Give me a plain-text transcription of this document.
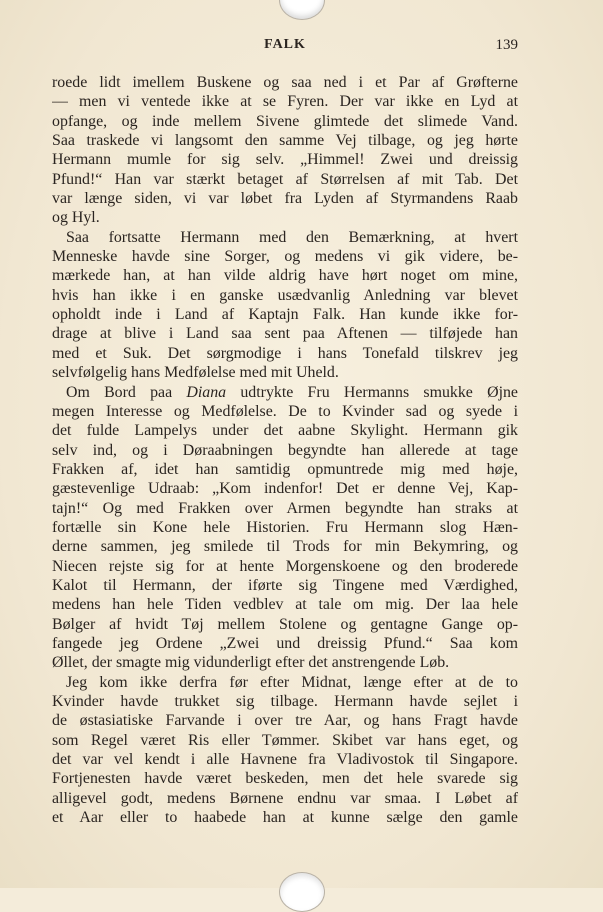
FALK	139
roede lidt imellem Buskene og saa ned i et Par af Grøfterne
— men vi ventede ikke at se Fyren. Der var ikke en Lyd at
opfange, og inde mellem Sivene glimtede det slimede Vand.
Saa traskede vi langsomt den samme Vej tilbage, og jeg hørte
Hermann mumle for sig selv. „Himmel! Zwei und dreissig
Pfund!“ Han var stærkt betaget af Størrelsen af mit Tab. Det
var længe siden, vi var løbet fra Lyden af Styrmandens Raab
og Hyl.
Saa fortsatte Hermann med den Bemærkning, at hvert
Menneske havde sine Sorger, og medens vi gik videre, be-
mærkede han, at han vilde aldrig have hørt noget om mine,
hvis han ikke i en ganske usædvanlig Anledning var blevet
opholdt inde i Land af Kaptajn Falk. Han kunde ikke for-
drage at blive i Land saa sent paa Aftenen — tilføjede han
med et Suk. Det sørgmodige i hans Tonefald tilskrev jeg
selvfølgelig hans Medfølelse med mit Uheld.
Om Bord paa Diana udtrykte Fru Hermanns smukke Øjne
megen Interesse og Medfølelse. De to Kvinder sad og syede i
det fulde Lampelys under det aabne Skylight. Hermann gik
selv ind, og i Døraabningen begyndte han allerede at tage
Frakken af, idet han samtidig opmuntrede mig med høje,
gæstevenlige Udraab: „Kom indenfor! Det er denne Vej, Kap-
tajn!“ Og med Frakken over Armen begyndte han straks at
fortælle sin Kone hele Historien. Fru Hermann slog Hæn-
derne sammen, jeg smilede til Trods for min Bekymring, og
Niecen rejste sig for at hente Morgenskoene og den broderede
Kalot til Hermann, der iførte sig Tingene med Værdighed,
medens han hele Tiden vedblev at tale om mig. Der laa hele
Bølger af hvidt Tøj mellem Stolene og gentagne Gange op-
fangede jeg Ordene „Zwei und dreissig Pfund.“ Saa kom
Øllet, der smagte mig vidunderligt efter det anstrengende Løb.
Jeg kom ikke derfra før efter Midnat, længe efter at de to
Kvinder havde trukket sig tilbage. Hermann havde sejlet i
de østasiatiske Farvande i over tre Aar, og hans Fragt havde
som Regel været Ris eller Tømmer. Skibet var hans eget, og
det var vel kendt i alle Havnene fra Vladivostok til Singapore.
Fortjenesten havde været beskeden, men det hele svarede sig
alligevel godt, medens Børnene endnu var smaa. I Løbet af
et Aar eller to haabede han at kunne sælge den gamle
